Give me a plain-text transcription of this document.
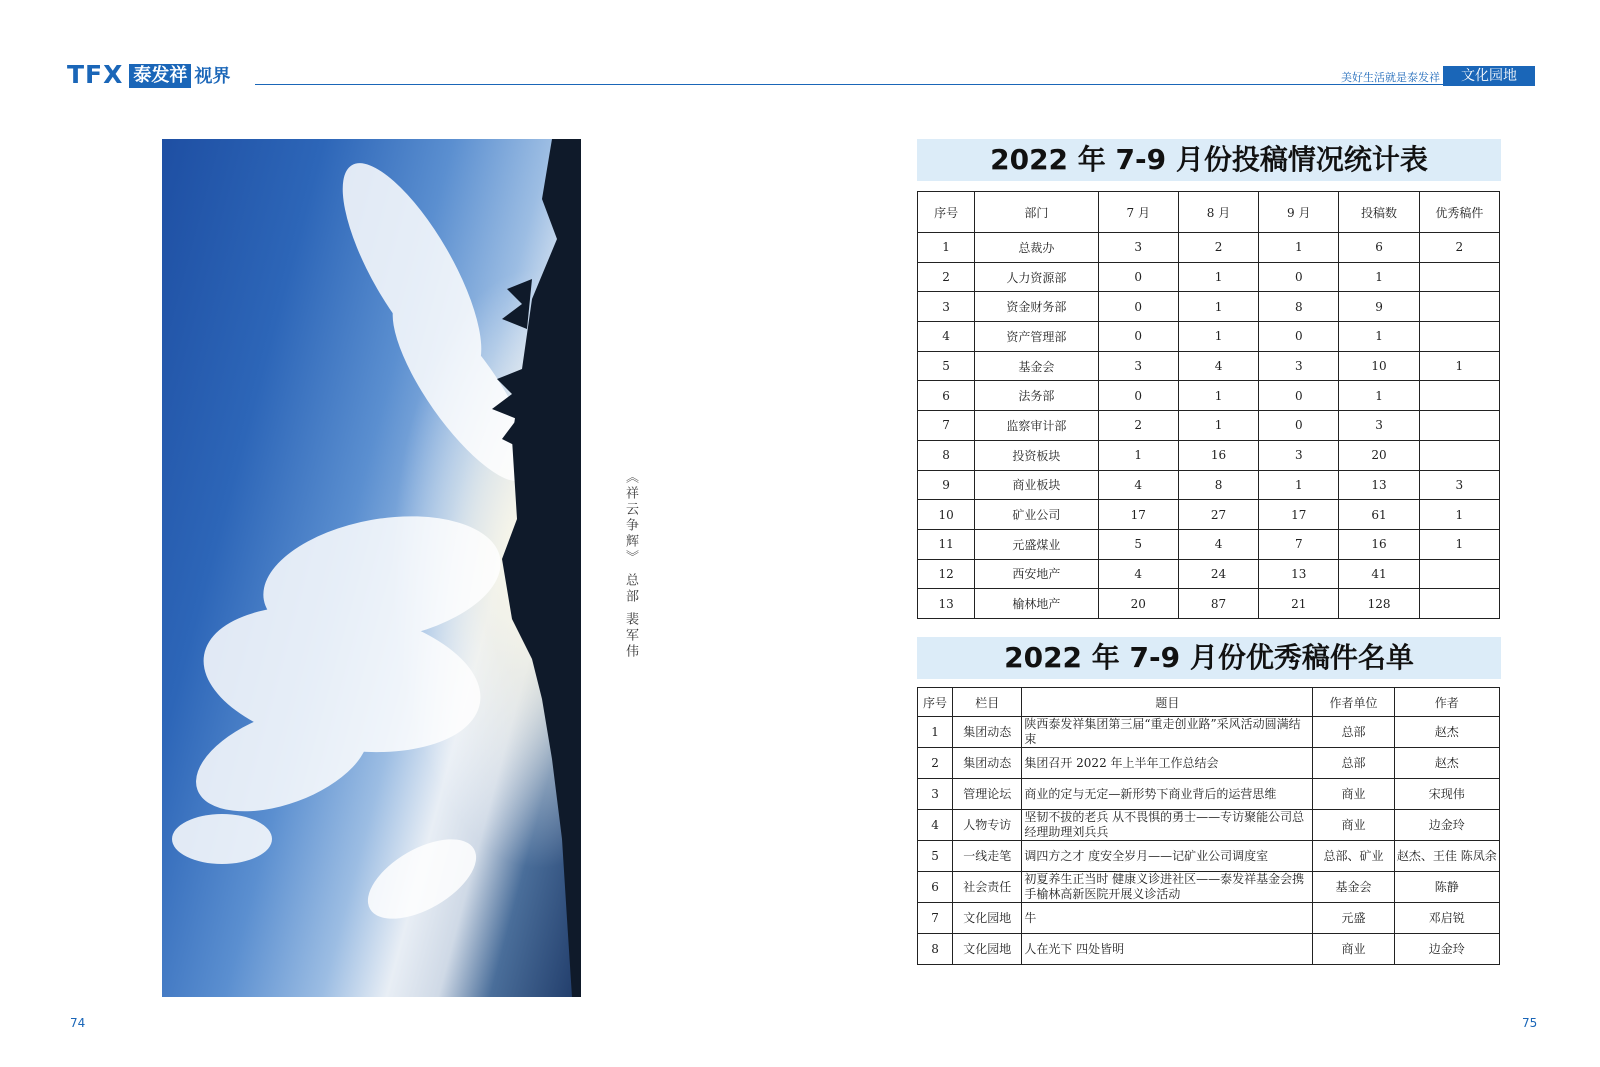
TFX 泰发祥 视界	美好生活就是泰发祥	文化园地
《祥云争辉》 总部 裴军伟
2022 年 7-9 月份投稿情况统计表
序号	部门	7 月	8 月	9 月	投稿数	优秀稿件
1	总裁办	3	2	1	6	2
2	人力资源部	0	1	0	1	
3	资金财务部	0	1	8	9	
4	资产管理部	0	1	0	1	
5	基金会	3	4	3	10	1
6	法务部	0	1	0	1	
7	监察审计部	2	1	0	3	
8	投资板块	1	16	3	20	
9	商业板块	4	8	1	13	3
10	矿业公司	17	27	17	61	1
11	元盛煤业	5	4	7	16	1
12	西安地产	4	24	13	41	
13	榆林地产	20	87	21	128	
2022 年 7-9 月份优秀稿件名单
序号	栏目	题目	作者单位	作者
1	集团动态	陕西泰发祥集团第三届“重走创业路”采风活动圆满结束	总部	赵杰
2	集团动态	集团召开 2022 年上半年工作总结会	总部	赵杰
3	管理论坛	商业的定与无定—新形势下商业背后的运营思维	商业	宋现伟
4	人物专访	坚韧不拔的老兵 从不畏惧的勇士——专访聚能公司总经理助理刘兵兵	商业	边金玲
5	一线走笔	调四方之才 度安全岁月——记矿业公司调度室	总部、矿业	赵杰、王佳 陈凤余
6	社会责任	初夏养生正当时 健康义诊进社区——泰发祥基金会携手榆林高新医院开展义诊活动	基金会	陈静
7	文化园地	牛	元盛	邓启锐
8	文化园地	人在光下 四处皆明	商业	边金玲
74	75
